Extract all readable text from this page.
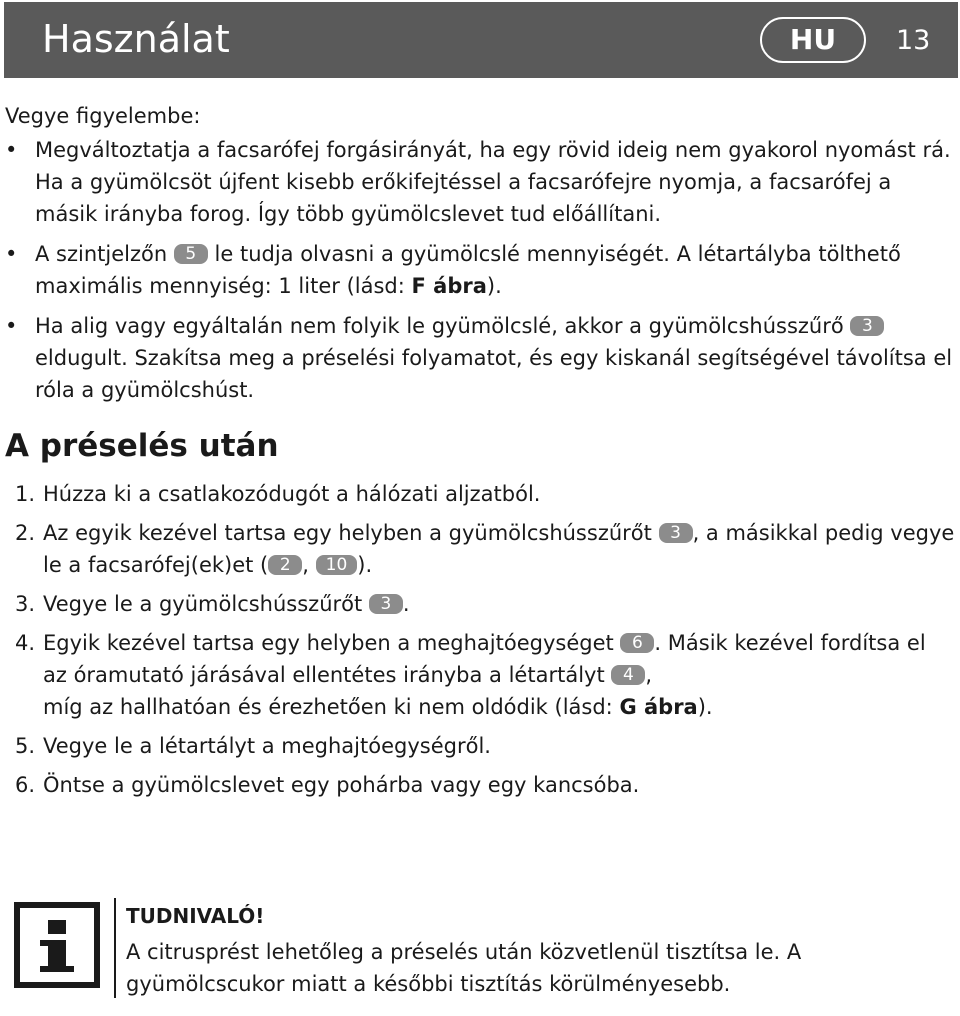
Használat	HU	13

Vegye figyelembe:

• Megváltoztatja a facsarófej forgásirányát, ha egy rövid ideig nem gyakorol nyomást rá. Ha a gyümölcsöt újfent kisebb erőkifejtéssel a facsarófejre nyomja, a facsarófej a másik irányba forog. Így több gyümölcslevet tud előállítani.
• A szintjelzőn 5 le tudja olvasni a gyümölcslé mennyiségét. A létartályba tölthető maximális mennyiség: 1 liter (lásd: F ábra).
• Ha alig vagy egyáltalán nem folyik le gyümölcslé, akkor a gyümölcshússzűrő 3 eldugult. Szakítsa meg a préselési folyamatot, és egy kiskanál segítségével távolítsa el róla a gyümölcshúst.
A préselés után
1. Húzza ki a csatlakozódugót a hálózati aljzatból.
2. Az egyik kezével tartsa egy helyben a gyümölcshússzűrőt 3 , a másikkal pedig vegye le a facsarófej(ek)et ( 2 , 10 ).
3. Vegye le a gyümölcshússzűrőt 3 .
4. Egyik kezével tartsa egy helyben a meghajtóegységet 6 . Másik kezével fordítsa el
az óramutató járásával ellentétes irányba a létartályt 4 ,
míg az hallhatóan és érezhetően ki nem oldódik (lásd: G ábra).
5. Vegye le a létartályt a meghajtóegységről.
6. Öntse a gyümölcslevet egy pohárba vagy egy kancsóba.
TUDNIVALÓ!
A citrusprést lehetőleg a préselés után közvetlenül tisztítsa le. A gyümölcscukor miatt a későbbi tisztítás körülményesebb.
